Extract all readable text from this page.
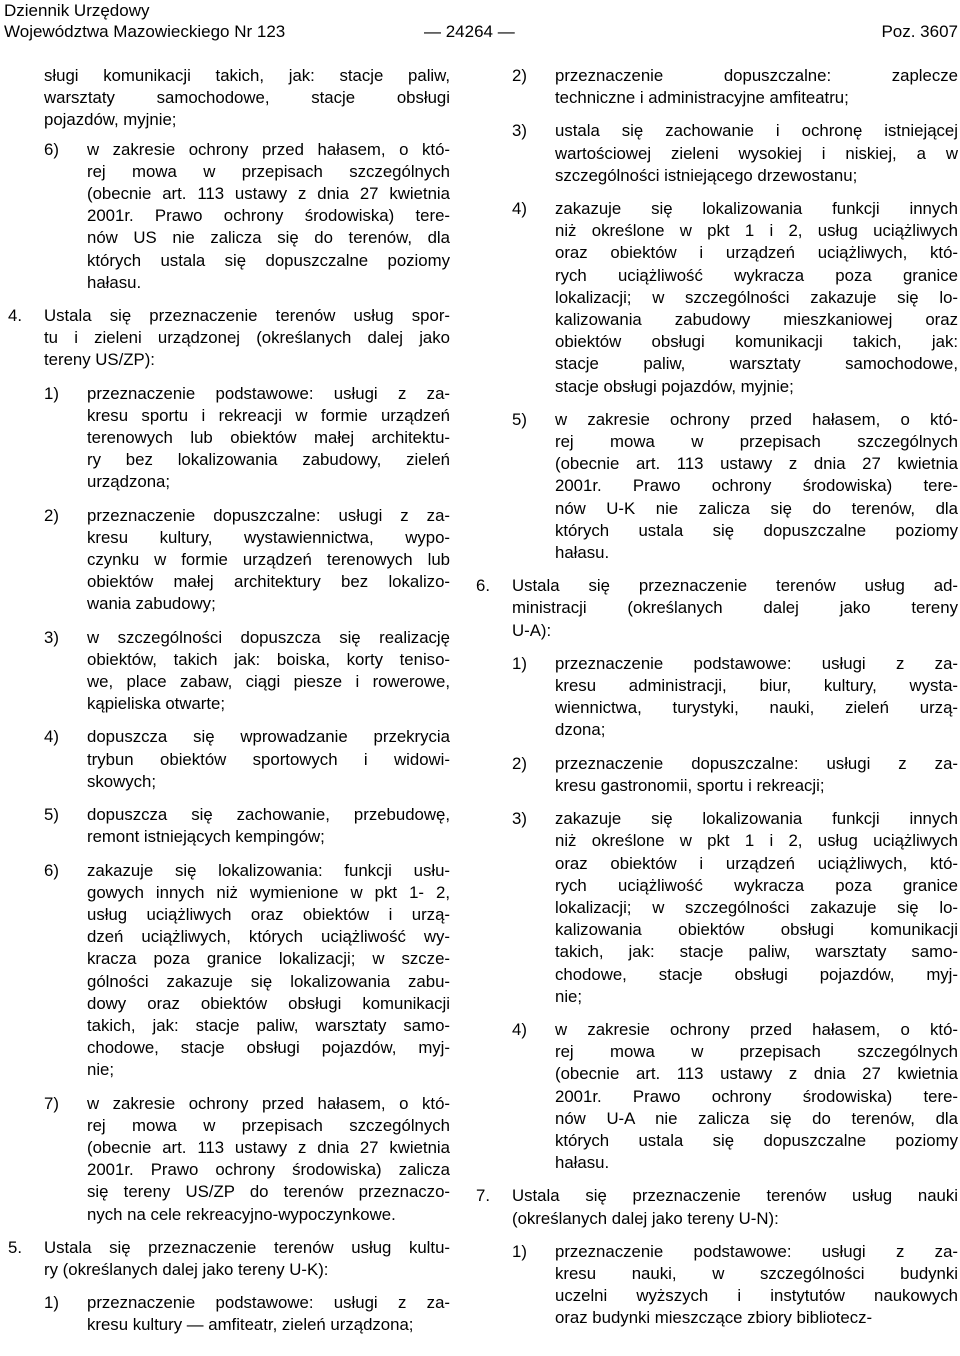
Dziennik Urzędowy
Województwa Mazowieckiego Nr 123	— 24264 —	Poz. 3607
sługi komunikacji takich, jak: stacje paliw,
warsztaty samochodowe, stacje obsługi
pojazdów, myjnie;
6) w zakresie ochrony przed hałasem, o któ-
rej mowa w przepisach szczególnych
(obecnie art. 113 ustawy z dnia 27 kwietnia
2001r. Prawo ochrony środowiska) tere-
nów US nie zalicza się do terenów, dla
których ustala się dopuszczalne poziomy
hałasu.
4. Ustala się przeznaczenie terenów usług spor-
tu i zieleni urządzonej (określanych dalej jako
tereny US/ZP):
1) przeznaczenie podstawowe: usługi z za-
kresu sportu i rekreacji w formie urządzeń
terenowych lub obiektów małej architektu-
ry bez lokalizowania zabudowy, zieleń
urządzona;
2) przeznaczenie dopuszczalne: usługi z za-
kresu kultury, wystawiennictwa, wypo-
czynku w formie urządzeń terenowych lub
obiektów małej architektury bez lokalizo-
wania zabudowy;
3) w szczególności dopuszcza się realizację
obiektów, takich jak: boiska, korty teniso-
we, place zabaw, ciągi piesze i rowerowe,
kąpieliska otwarte;
4) dopuszcza się wprowadzanie przekrycia
trybun obiektów sportowych i widowi-
skowych;
5) dopuszcza się zachowanie, przebudowę,
remont istniejących kempingów;
6) zakazuje się lokalizowania: funkcji usłu-
gowych innych niż wymienione w pkt 1- 2,
usług uciążliwych oraz obiektów i urzą-
dzeń uciążliwych, których uciążliwość wy-
kracza poza granice lokalizacji; w szcze-
gólności zakazuje się lokalizowania zabu-
dowy oraz obiektów obsługi komunikacji
takich, jak: stacje paliw, warsztaty samo-
chodowe, stacje obsługi pojazdów, myj-
nie;
7) w zakresie ochrony przed hałasem, o któ-
rej mowa w przepisach szczególnych
(obecnie art. 113 ustawy z dnia 27 kwietnia
2001r. Prawo ochrony środowiska) zalicza
się tereny US/ZP do terenów przeznaczo-
nych na cele rekreacyjno-wypoczynkowe.
5. Ustala się przeznaczenie terenów usług kultu-
ry (określanych dalej jako tereny U-K):
1) przeznaczenie podstawowe: usługi z za-
kresu kultury — amfiteatr, zieleń urządzona;
2) przeznaczenie dopuszczalne: zaplecze
techniczne i administracyjne amfiteatru;
3) ustala się zachowanie i ochronę istniejącej
wartościowej zieleni wysokiej i niskiej, a w
szczególności istniejącego drzewostanu;
4) zakazuje się lokalizowania funkcji innych
niż określone w pkt 1 i 2, usług uciążliwych
oraz obiektów i urządzeń uciążliwych, któ-
rych uciążliwość wykracza poza granice
lokalizacji; w szczególności zakazuje się lo-
kalizowania zabudowy mieszkaniowej oraz
obiektów obsługi komunikacji takich, jak:
stacje paliw, warsztaty samochodowe,
stacje obsługi pojazdów, myjnie;
5) w zakresie ochrony przed hałasem, o któ-
rej mowa w przepisach szczególnych
(obecnie art. 113 ustawy z dnia 27 kwietnia
2001r. Prawo ochrony środowiska) tere-
nów U-K nie zalicza się do terenów, dla
których ustala się dopuszczalne poziomy
hałasu.
6. Ustala się przeznaczenie terenów usług ad-
ministracji (określanych dalej jako tereny
U-A):
1) przeznaczenie podstawowe: usługi z za-
kresu administracji, biur, kultury, wysta-
wiennictwa, turystyki, nauki, zieleń urzą-
dzona;
2) przeznaczenie dopuszczalne: usługi z za-
kresu gastronomii, sportu i rekreacji;
3) zakazuje się lokalizowania funkcji innych
niż określone w pkt 1 i 2, usług uciążliwych
oraz obiektów i urządzeń uciążliwych, któ-
rych uciążliwość wykracza poza granice
lokalizacji; w szczególności zakazuje się lo-
kalizowania obiektów obsługi komunikacji
takich, jak: stacje paliw, warsztaty samo-
chodowe, stacje obsługi pojazdów, myj-
nie;
4) w zakresie ochrony przed hałasem, o któ-
rej mowa w przepisach szczególnych
(obecnie art. 113 ustawy z dnia 27 kwietnia
2001r. Prawo ochrony środowiska) tere-
nów U-A nie zalicza się do terenów, dla
których ustala się dopuszczalne poziomy
hałasu.
7. Ustala się przeznaczenie terenów usług nauki
(określanych dalej jako tereny U-N):
1) przeznaczenie podstawowe: usługi z za-
kresu nauki, w szczególności budynki
uczelni wyższych i instytutów naukowych
oraz budynki mieszczące zbiory bibliotecz-
